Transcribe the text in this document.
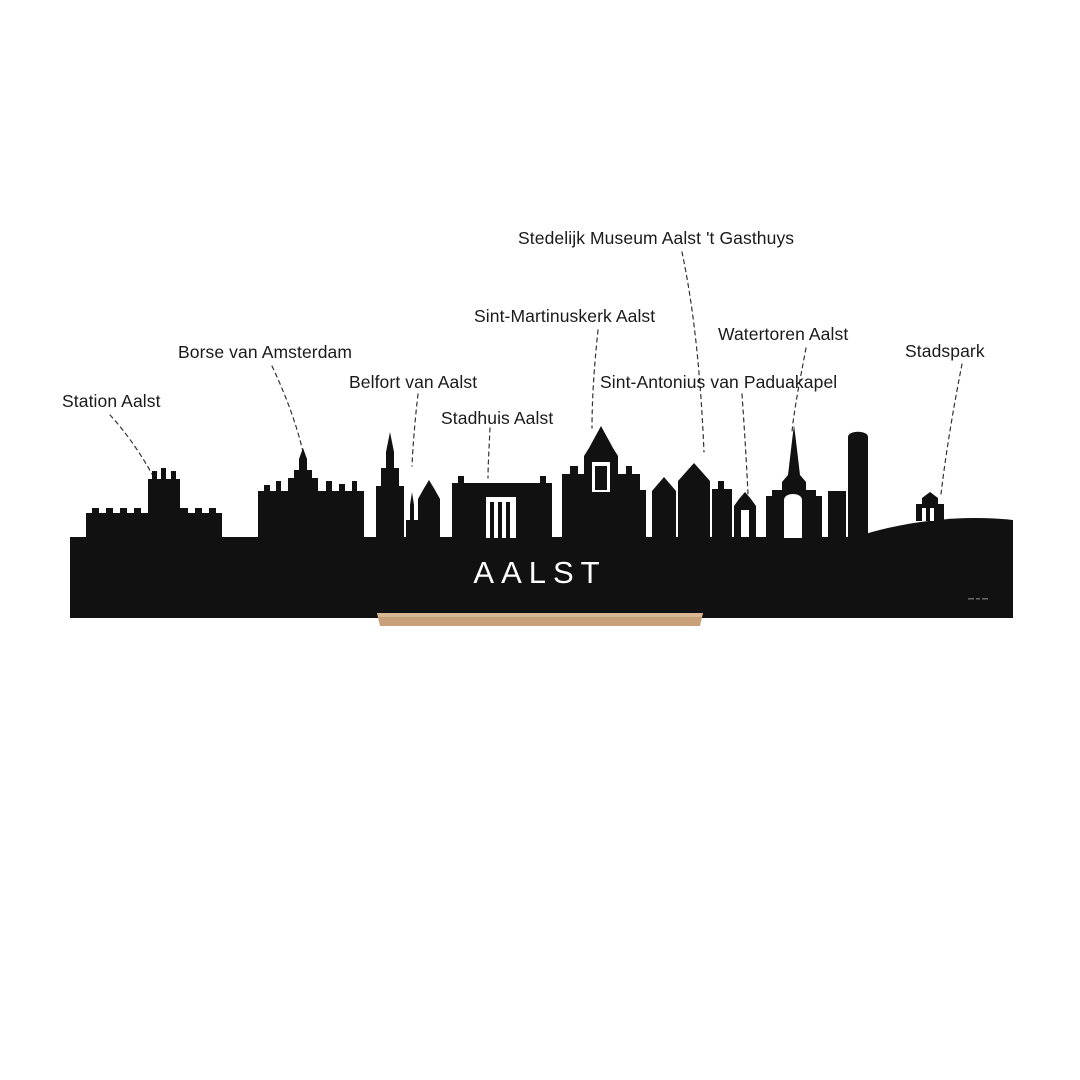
AALST
Station Aalst
Borse van Amsterdam
Belfort van Aalst
Stadhuis Aalst
Sint-Martinuskerk Aalst
Stedelijk Museum Aalst 't Gasthuys
Sint-Antonius van Paduakapel
Watertoren Aalst
Stadspark
